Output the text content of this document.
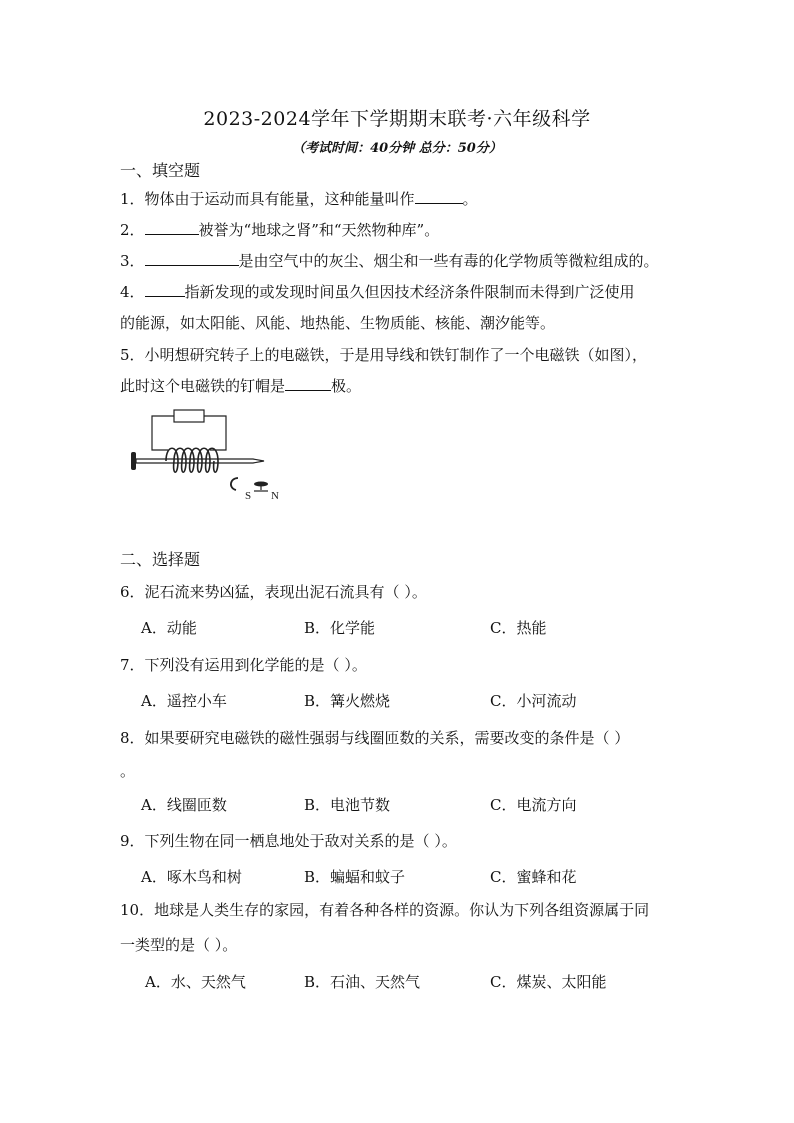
2023-2024学年下学期期末联考·六年级科学
（考试时间：40分钟 总分：50分）
一、填空题
1．物体由于运动而具有能量，这种能量叫作	。
2．	被誉为“地球之肾”和“天然物种库”。
3．	是由空气中的灰尘、烟尘和一些有毒的化学物质等微粒组成的。
4．	指新发现的或发现时间虽久但因技术经济条件限制而未得到广泛使用
的能源，如太阳能、风能、地热能、生物质能、核能、潮汐能等。
5．小明想研究转子上的电磁铁，于是用导线和铁钉制作了一个电磁铁（如图），
此时这个电磁铁的钉帽是	极。
S N
二、选择题
6．泥石流来势凶猛，表现出泥石流具有（ ）。
A．动能	B．化学能	C．热能
7．下列没有运用到化学能的是（ ）。
A．遥控小车	B．篝火燃烧	C．小河流动
8．如果要研究电磁铁的磁性强弱与线圈匝数的关系，需要改变的条件是（ ）
。
A．线圈匝数	B．电池节数	C．电流方向
9．下列生物在同一栖息地处于敌对关系的是（ ）。
A．啄木鸟和树	B．蝙蝠和蚊子	C．蜜蜂和花
10．地球是人类生存的家园，有着各种各样的资源。你认为下列各组资源属于同
一类型的是（ ）。
A．水、天然气	B．石油、天然气	C．煤炭、太阳能
